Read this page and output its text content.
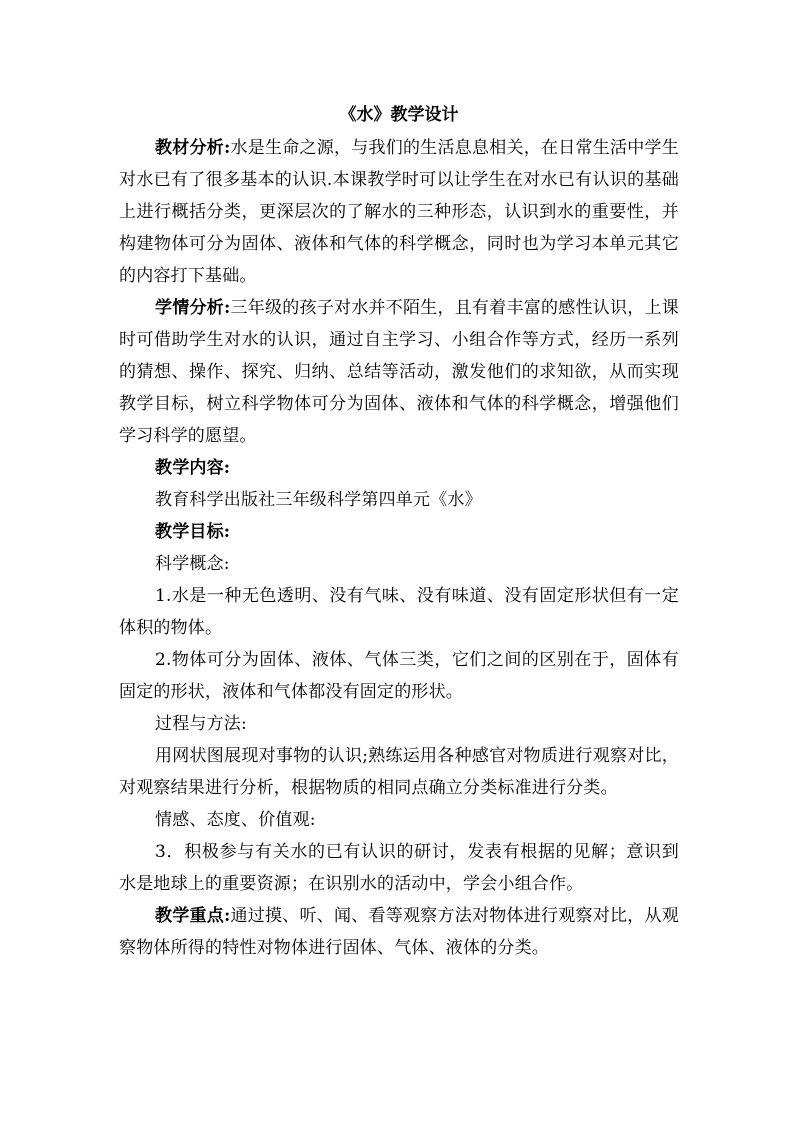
《水》教学设计

教材分析:水是生命之源，与我们的生活息息相关，在日常生活中学生对水已有了很多基本的认识.本课教学时可以让学生在对水已有认识的基础上进行概括分类，更深层次的了解水的三种形态，认识到水的重要性，并构建物体可分为固体、液体和气体的科学概念，同时也为学习本单元其它的内容打下基础。

学情分析:三年级的孩子对水并不陌生，且有着丰富的感性认识，上课时可借助学生对水的认识，通过自主学习、小组合作等方式，经历一系列的猜想、操作、探究、归纳、总结等活动，激发他们的求知欲，从而实现教学目标，树立科学物体可分为固体、液体和气体的科学概念，增强他们学习科学的愿望。

教学内容:

教育科学出版社三年级科学第四单元《水》

教学目标:

科学概念:

1.水是一种无色透明、没有气味、没有味道、没有固定形状但有一定体积的物体。

2.物体可分为固体、液体、气体三类，它们之间的区别在于，固体有固定的形状，液体和气体都没有固定的形状。

过程与方法:

用网状图展现对事物的认识;熟练运用各种感官对物质进行观察对比，对观察结果进行分析，根据物质的相同点确立分类标准进行分类。

情感、态度、价值观:

3．积极参与有关水的已有认识的研讨，发表有根据的见解；意识到水是地球上的重要资源；在识别水的活动中，学会小组合作。

教学重点:通过摸、听、闻、看等观察方法对物体进行观察对比，从观察物体所得的特性对物体进行固体、气体、液体的分类。
